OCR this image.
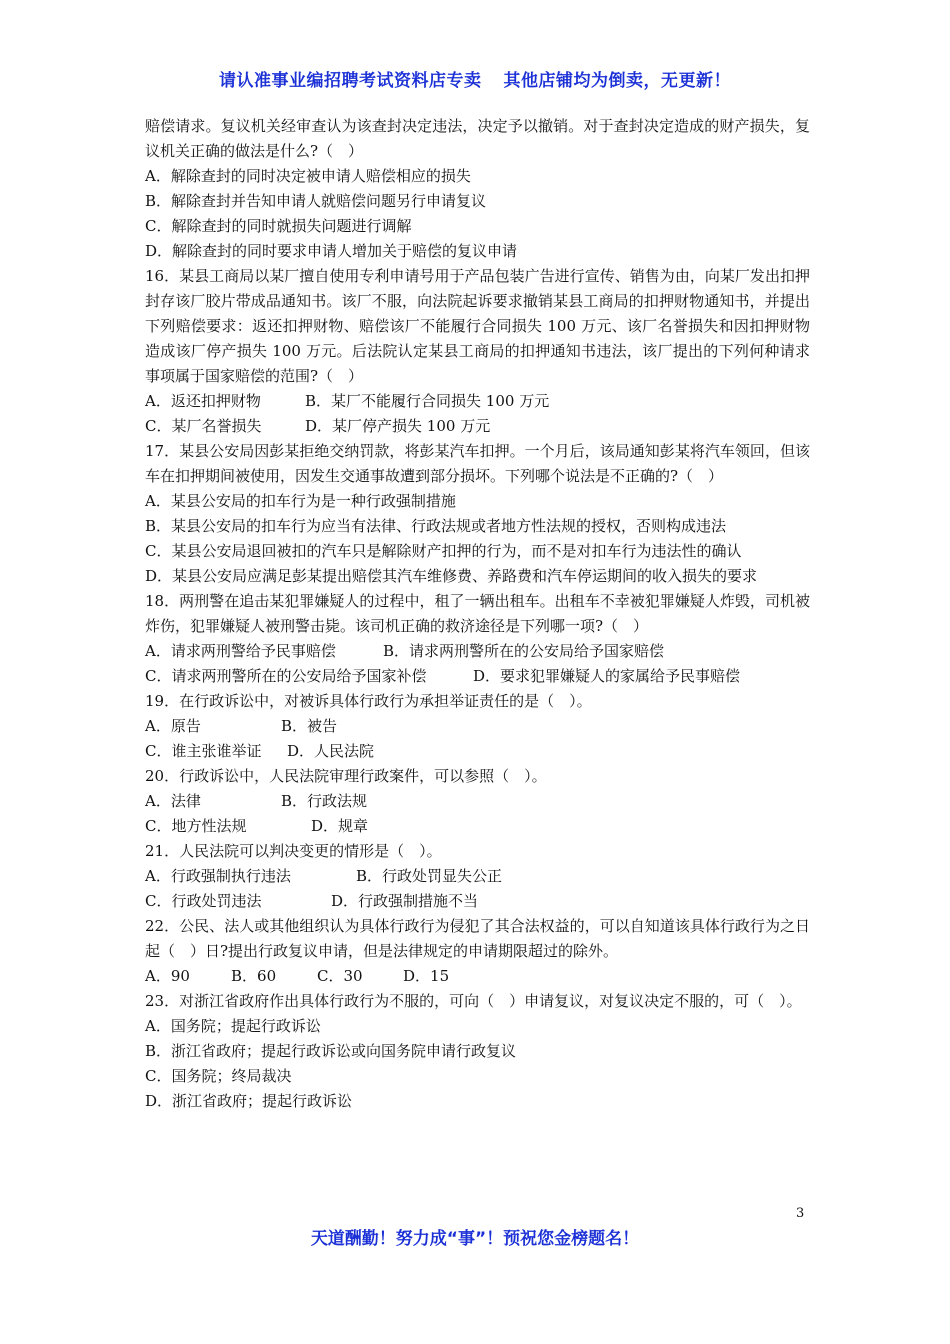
请认准事业编招聘考试资料店专卖 其他店铺均为倒卖，无更新！
赔偿请求。复议机关经审查认为该查封决定违法，决定予以撤销。对于查封决定造成的财产损失，复议机关正确的做法是什么?（　）
A．解除查封的同时决定被申请人赔偿相应的损失
B．解除查封并告知申请人就赔偿问题另行申请复议
C．解除查封的同时就损失问题进行调解
D．解除查封的同时要求申请人增加关于赔偿的复议申请
16．某县工商局以某厂擅自使用专利申请号用于产品包装广告进行宣传、销售为由，向某厂发出扣押封存该厂胶片带成品通知书。该厂不服，向法院起诉要求撤销某县工商局的扣押财物通知书，并提出下列赔偿要求：返还扣押财物、赔偿该厂不能履行合同损失 100 万元、该厂名誉损失和因扣押财物造成该厂停产损失 100 万元。后法院认定某县工商局的扣押通知书违法，该厂提出的下列何种请求事项属于国家赔偿的范围?（　）
A．返还扣押财物	B．某厂不能履行合同损失 100 万元
C．某厂名誉损失	D．某厂停产损失 100 万元
17．某县公安局因彭某拒绝交纳罚款，将彭某汽车扣押。一个月后，该局通知彭某将汽车领回，但该车在扣押期间被使用，因发生交通事故遭到部分损坏。下列哪个说法是不正确的?（　）
A．某县公安局的扣车行为是一种行政强制措施
B．某县公安局的扣车行为应当有法律、行政法规或者地方性法规的授权，否则构成违法
C．某县公安局退回被扣的汽车只是解除财产扣押的行为，而不是对扣车行为违法性的确认
D．某县公安局应满足彭某提出赔偿其汽车维修费、养路费和汽车停运期间的收入损失的要求
18．两刑警在追击某犯罪嫌疑人的过程中，租了一辆出租车。出租车不幸被犯罪嫌疑人炸毁，司机被炸伤，犯罪嫌疑人被刑警击毙。该司机正确的救济途径是下列哪一项?（　）
A．请求两刑警给予民事赔偿	B．请求两刑警所在的公安局给予国家赔偿
C．请求两刑警所在的公安局给予国家补偿	D．要求犯罪嫌疑人的家属给予民事赔偿
19．在行政诉讼中，对被诉具体行政行为承担举证责任的是（　）。
A．原告	B．被告
C．谁主张谁举证 D．人民法院
20．行政诉讼中，人民法院审理行政案件，可以参照（　）。
A．法律	B．行政法规
C．地方性法规	D．规章
21．人民法院可以判决变更的情形是（　）。
A．行政强制执行违法	B．行政处罚显失公正
C．行政处罚违法	D．行政强制措施不当
22．公民、法人或其他组织认为具体行政行为侵犯了其合法权益的，可以自知道该具体行政行为之日起（　）日?提出行政复议申请，但是法律规定的申请期限超过的除外。
A．90	B．60	C．30	D．15
23．对浙江省政府作出具体行政行为不服的，可向（　）申请复议，对复议决定不服的，可（　）。
A．国务院；提起行政诉讼
B．浙江省政府；提起行政诉讼或向国务院申请行政复议
C．国务院；终局裁决
D．浙江省政府；提起行政诉讼
3
天道酬勤！努力成“事”！预祝您金榜题名！
